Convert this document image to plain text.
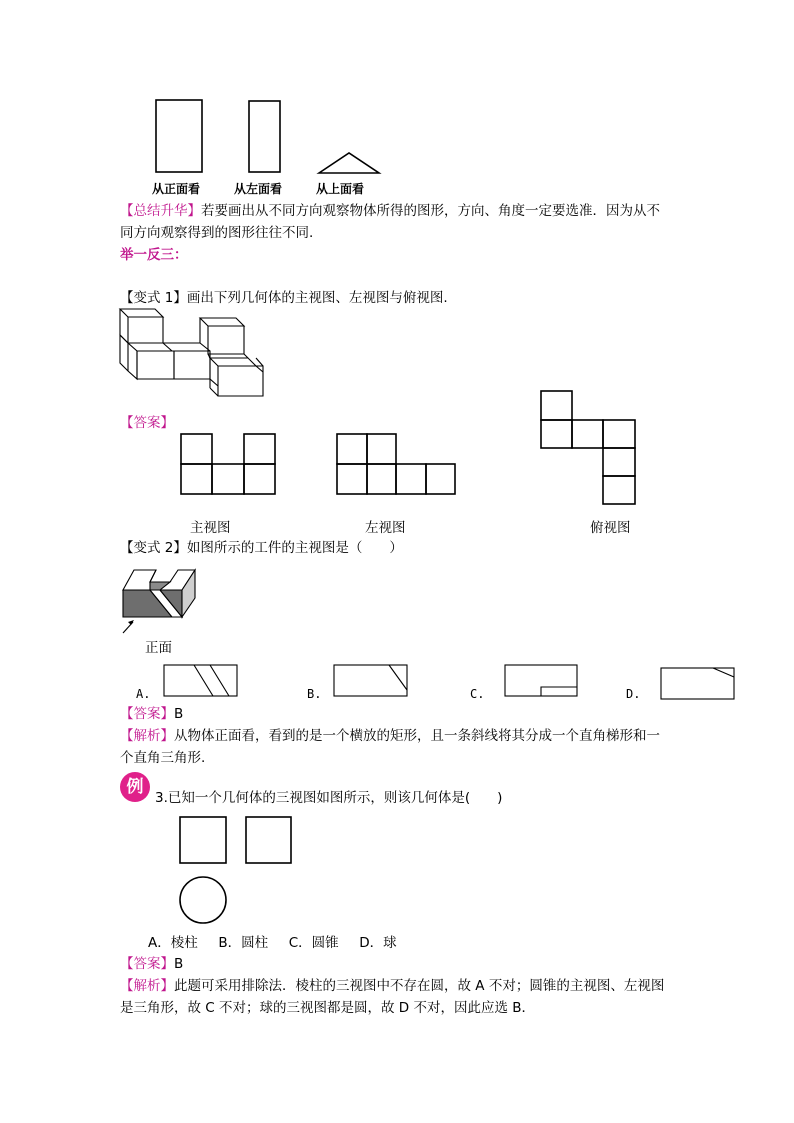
从正面看	从左面看	从上面看
【总结升华】若要画出从不同方向观察物体所得的图形，方向、角度一定要选准．因为从不
同方向观察得到的图形往往不同.
举一反三：
【变式 1】画出下列几何体的主视图、左视图与俯视图.
【答案】
主视图	左视图	俯视图
【变式 2】如图所示的工件的主视图是（　　）
正面
A.	B.	C.	D.
【答案】B
【解析】从物体正面看，看到的是一个横放的矩形，且一条斜线将其分成一个直角梯形和一
个直角三角形.
例
3.已知一个几何体的三视图如图所示，则该几何体是(　　)
A．棱柱 B．圆柱 C．圆锥 D．球
【答案】B
【解析】此题可采用排除法．棱柱的三视图中不存在圆，故 A 不对；圆锥的主视图、左视图
是三角形，故 C 不对；球的三视图都是圆，故 D 不对，因此应选 B．
